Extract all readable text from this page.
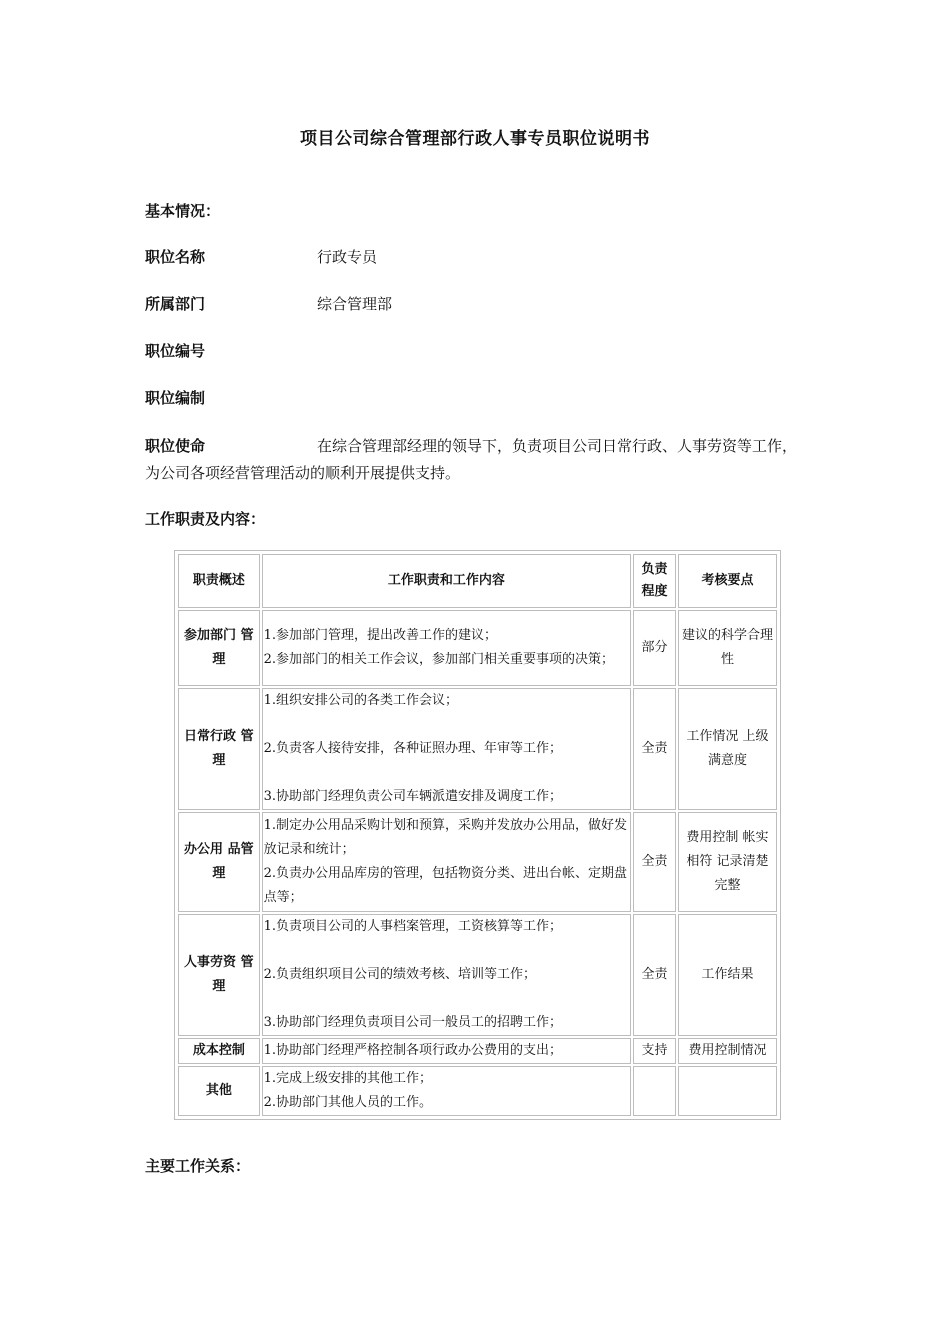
项目公司综合管理部行政人事专员职位说明书
基本情况：
职位名称	行政专员
所属部门	综合管理部
职位编号
职位编制
职位使命	在综合管理部经理的领导下，负责项目公司日常行政、人事劳资等工作，为公司各项经营管理活动的顺利开展提供支持。
工作职责及内容：
职责概述	工作职责和工作内容	负责程度	考核要点
参加部门 管理	1.参加部门管理，提出改善工作的建议；
2.参加部门的相关工作会议，参加部门相关重要事项的决策；	部分	建议的科学合理性
日常行政 管理	1.组织安排公司的各类工作会议；
2.负责客人接待安排，各种证照办理、年审等工作；
3.协助部门经理负责公司车辆派遣安排及调度工作；	全责	工作情况 上级满意度
办公用 品管理	1.制定办公用品采购计划和预算，采购并发放办公用品，做好发放记录和统计；
2.负责办公用品库房的管理，包括物资分类、进出台帐、定期盘点等；	全责	费用控制 帐实相符 记录清楚完整
人事劳资 管理	1.负责项目公司的人事档案管理，工资核算等工作；
2.负责组织项目公司的绩效考核、培训等工作；
3.协助部门经理负责项目公司一般员工的招聘工作；	全责	工作结果
成本控制	1.协助部门经理严格控制各项行政办公费用的支出；	支持	费用控制情况
其他	1.完成上级安排的其他工作；
2.协助部门其他人员的工作。		

主要工作关系：
